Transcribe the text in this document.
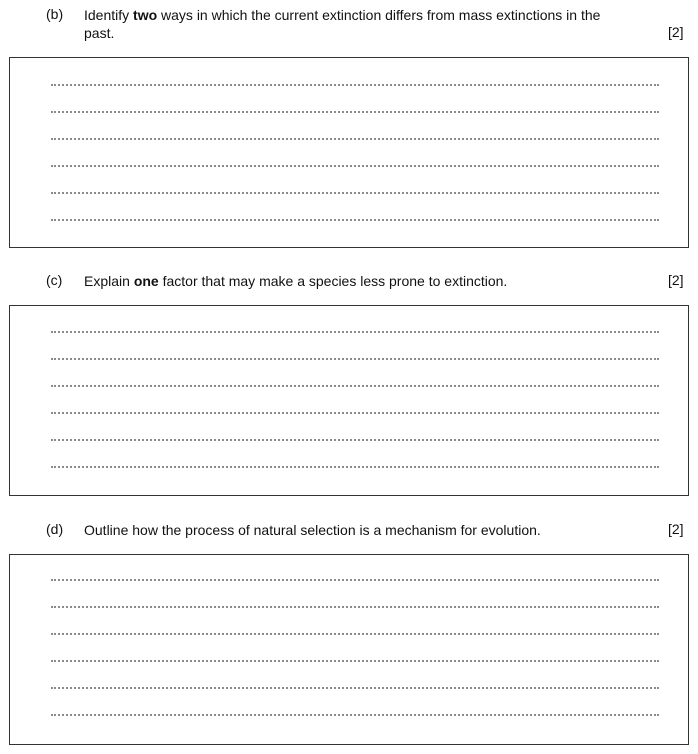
(b) Identify two ways in which the current extinction differs from mass extinctions in the past.	[2]
(c) Explain one factor that may make a species less prone to extinction.	[2]
(d) Outline how the process of natural selection is a mechanism for evolution.	[2]
